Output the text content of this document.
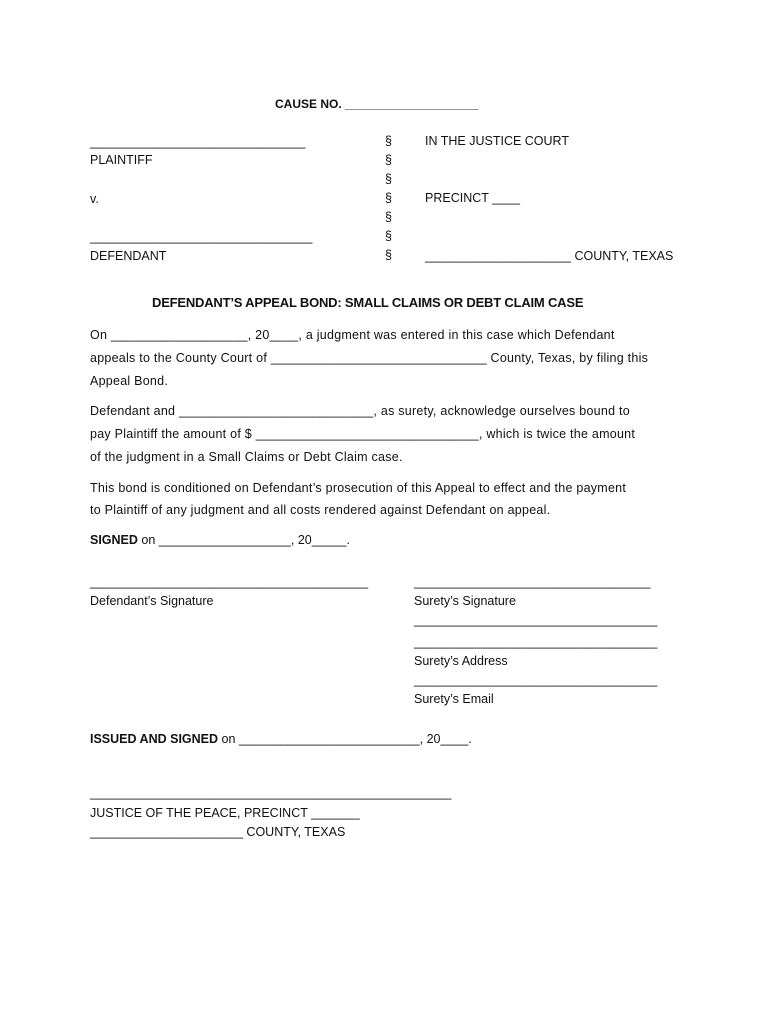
CAUSE NO. ____________________
_______________________________
PLAINTIFF
v.
________________________________
DEFENDANT
§
§
§
§
§
§
§
IN THE JUSTICE COURT
PRECINCT ____
_____________________ COUNTY, TEXAS
DEFENDANT’S APPEAL BOND: SMALL CLAIMS OR DEBT CLAIM CASE
On ___________________, 20____, a judgment was entered in this case which Defendant
appeals to the County Court of ______________________________ County, Texas, by filing this
Appeal Bond.
Defendant and ___________________________, as surety, acknowledge ourselves bound to
pay Plaintiff the amount of $ _______________________________, which is twice the amount
of the judgment in a Small Claims or Debt Claim case.
This bond is conditioned on Defendant’s prosecution of this Appeal to effect and the payment
to Plaintiff of any judgment and all costs rendered against Defendant on appeal.
SIGNED on ___________________, 20_____.
________________________________________
Defendant’s Signature
__________________________________
Surety’s Signature
___________________________________
___________________________________
Surety’s Address
___________________________________
Surety’s Email
ISSUED AND SIGNED on __________________________, 20____.
____________________________________________________
JUSTICE OF THE PEACE, PRECINCT _______
______________________ COUNTY, TEXAS
